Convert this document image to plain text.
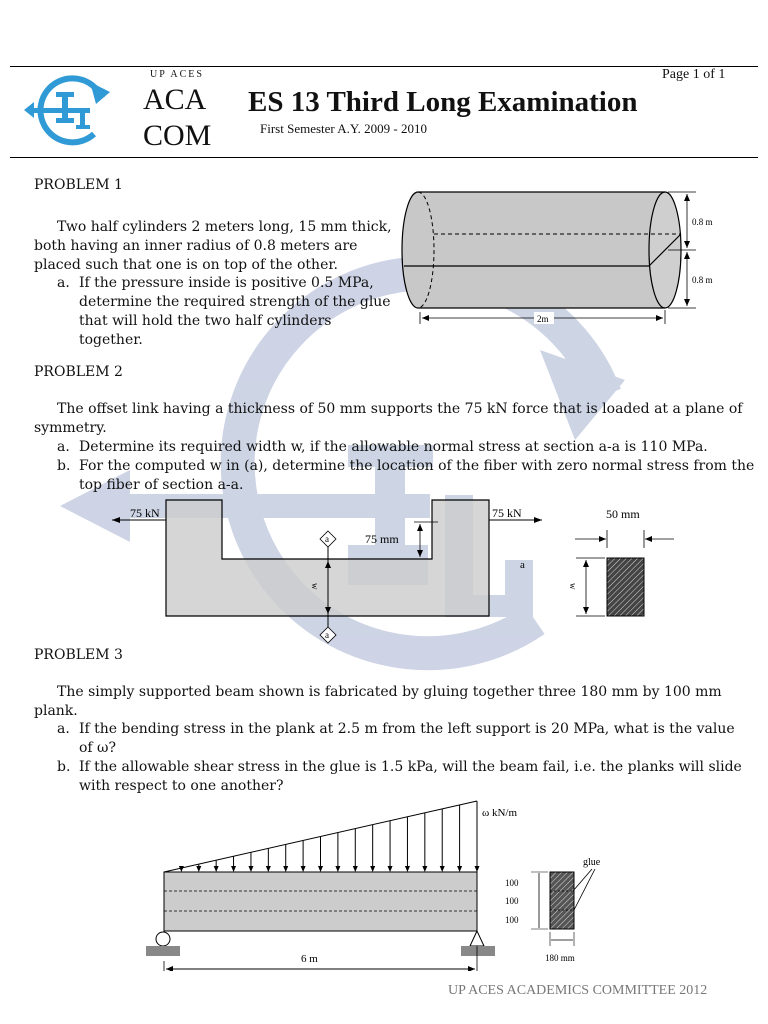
UP ACES
ACA
COM
ES 13 Third Long Examination
First Semester A.Y. 2009 - 2010
Page 1 of 1
PROBLEM 1
Two half cylinders 2 meters long, 15 mm thick,
both having an inner radius of 0.8 meters are
placed such that one is on top of the other.
a. If the pressure inside is positive 0.5 MPa,
determine the required strength of the glue
that will hold the two half cylinders
together.
0.8 m
0.8 m
2m
PROBLEM 2
The offset link having a thickness of 50 mm supports the 75 kN force that is loaded at a plane of
symmetry.
a. Determine its required width w, if the allowable normal stress at section a-a is 110 MPa.
b. For the computed w in (a), determine the location of the fiber with zero normal stress from the
top fiber of section a-a.
75 kN	75 kN
75 mm
a
a
w
a
50 mm
w
PROBLEM 3
The simply supported beam shown is fabricated by gluing together three 180 mm by 100 mm
plank.
a. If the bending stress in the plank at 2.5 m from the left support is 20 MPa, what is the value
of ω?
b. If the allowable shear stress in the glue is 1.5 kPa, will the beam fail, i.e. the planks will slide
with respect to one another?
ω kN/m
6 m
glue
100
100
100
180 mm
UP ACES ACADEMICS COMMITTEE 2012
